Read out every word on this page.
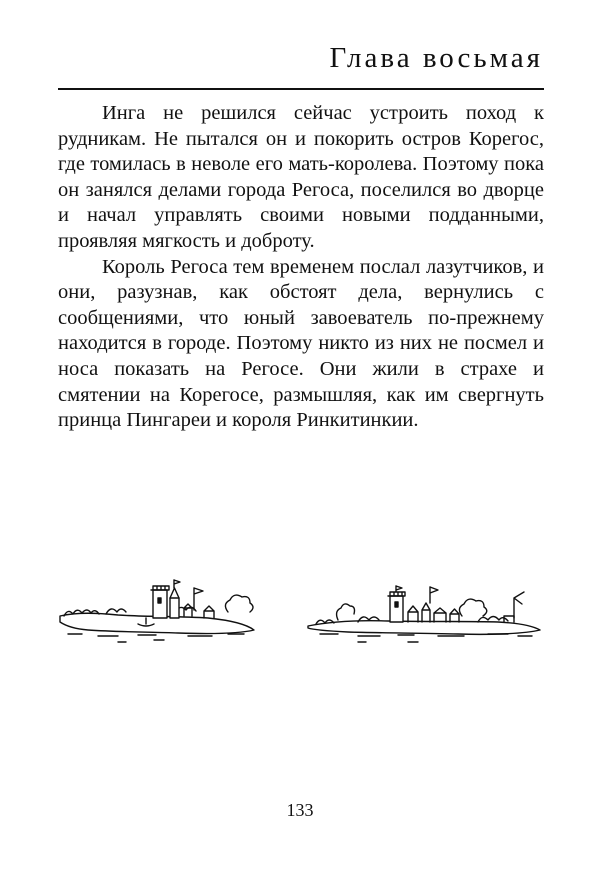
Глава восьмая

Инга не решился сейчас устроить поход к рудникам. Не пытался он и покорить остров Корегос, где томилась в неволе его мать-королева. Поэтому пока он занялся делами города Регоса, поселился во дворце и начал управлять своими новыми подданными, проявляя мягкость и доброту.

Король Регоса тем временем послал лазутчиков, и они, разузнав, как обстоят дела, вернулись с сообщениями, что юный завоеватель по-прежнему находится в городе. Поэтому никто из них не посмел и носа показать на Регосе. Они жили в страхе и смятении на Корегосе, размышляя, как им свергнуть принца Пингареи и короля Ринкитинкии.

133
